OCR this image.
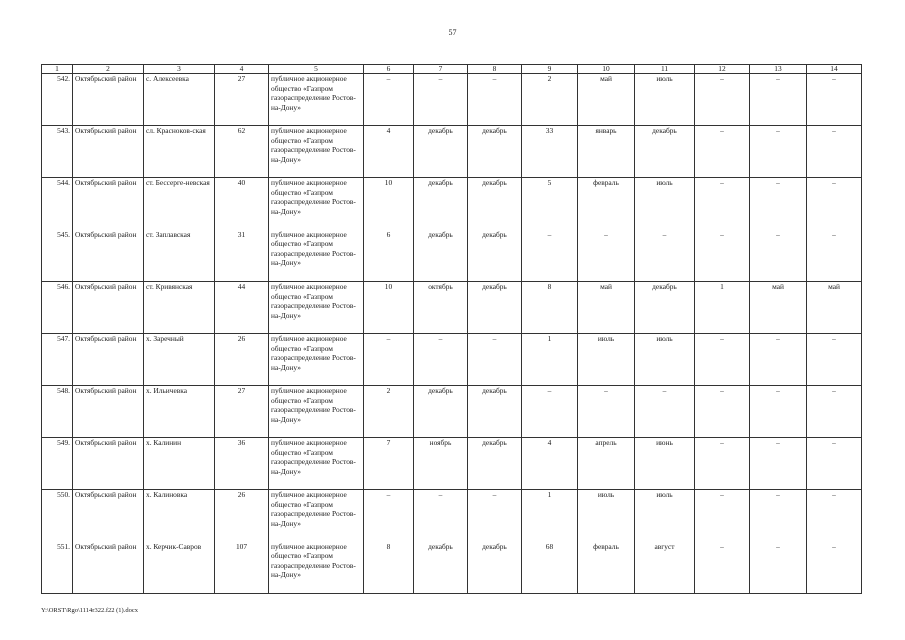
57
1	2	3	4	5	6	7	8	9	10	11	12	13	14
542.	Октябрьский район	с. Алексеевка	27	публичное акционерное общество «Газпром газораспределение Ростов-на-Дону»	–	–	–	2	май	июль	–	–	–
543.	Октябрьский район	сл. Красноков-ская	62	публичное акционерное общество «Газпром газораспределение Ростов-на-Дону»	4	декабрь	декабрь	33	январь	декабрь	–	–	–
544.	Октябрьский район	ст. Бессерге-невская	40	публичное акционерное общество «Газпром газораспределение Ростов-на-Дону»	10	декабрь	декабрь	5	февраль	июль	–	–	–
545.	Октябрьский район	ст. Заплавская	31	публичное акционерное общество «Газпром газораспределение Ростов-на-Дону»	6	декабрь	декабрь	–	–	–	–	–	–
546.	Октябрьский район	ст. Кривянская	44	публичное акционерное общество «Газпром газораспределение Ростов-на-Дону»	10	октябрь	декабрь	8	май	декабрь	1	май	май
547.	Октябрьский район	х. Заречный	26	публичное акционерное общество «Газпром газораспределение Ростов-на-Дону»	–	–	–	1	июль	июль	–	–	–
548.	Октябрьский район	х. Ильичевка	27	публичное акционерное общество «Газпром газораспределение Ростов-на-Дону»	2	декабрь	декабрь	–	–	–	–	–	–
549.	Октябрьский район	х. Калинин	36	публичное акционерное общество «Газпром газораспределение Ростов-на-Дону»	7	ноябрь	декабрь	4	апрель	июнь	–	–	–
550.	Октябрьский район	х. Калиновка	26	публичное акционерное общество «Газпром газораспределение Ростов-на-Дону»	–	–	–	1	июль	июль	–	–	–
551.	Октябрьский район	х. Керчик-Савров	107	публичное акционерное общество «Газпром газораспределение Ростов-на-Дону»	8	декабрь	декабрь	68	февраль	август	–	–	–
Y:\ORST\Rgo\1114r322.f22 (1).docx
